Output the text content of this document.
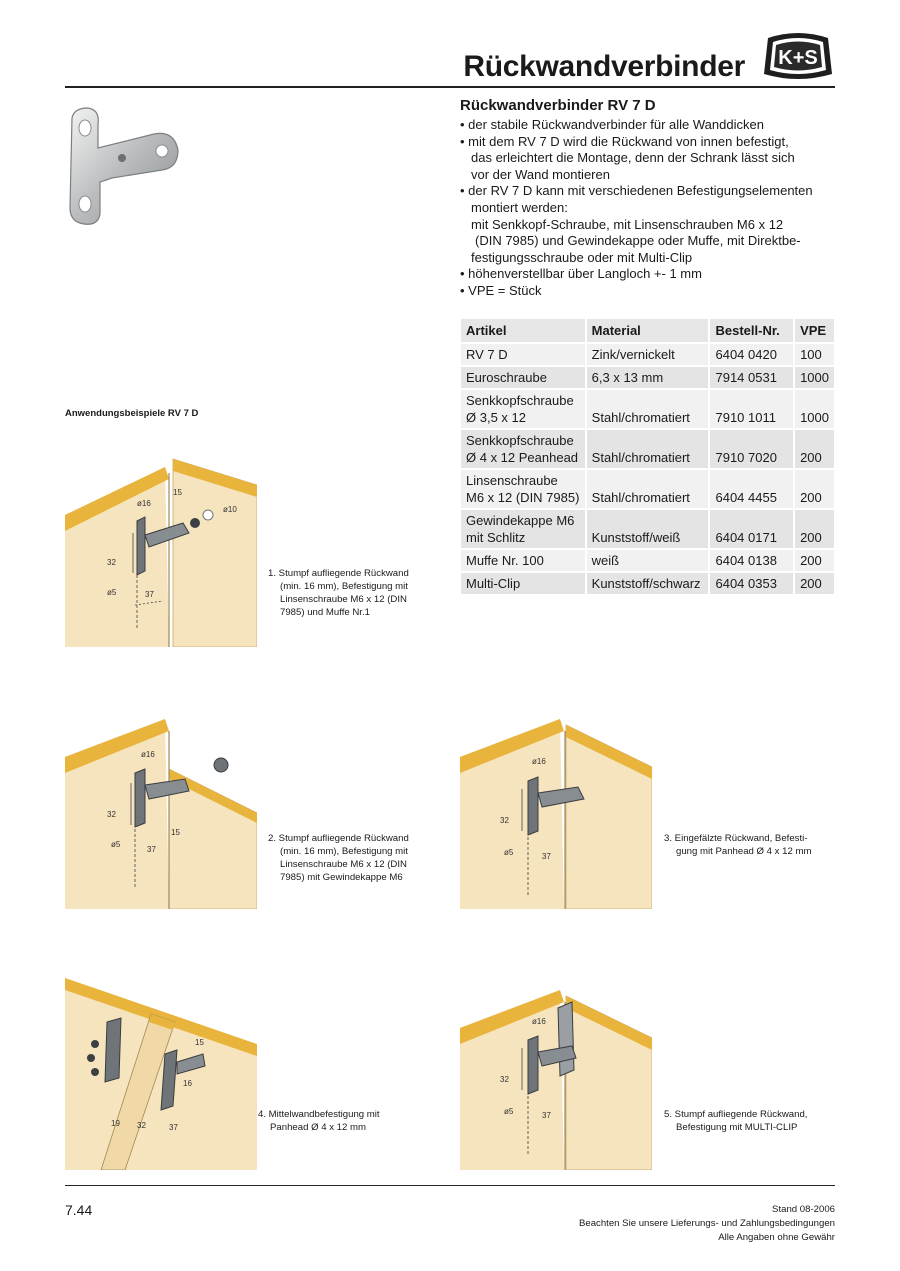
Rückwandverbinder K+S
Rückwandverbinder RV 7 D
• der stabile Rückwandverbinder für alle Wanddicken
• mit dem RV 7 D wird die Rückwand von innen befestigt,
das erleichtert die Montage, denn der Schrank lässt sich
vor der Wand montieren
• der RV 7 D kann mit verschiedenen Befestigungselementen
montiert werden:
mit Senkkopf-Schraube, mit Linsenschrauben M6 x 12
(DIN 7985) und Gewindekappe oder Muffe, mit Direktbe-
festigungsschraube oder mit Multi-Clip
• höhenverstellbar über Langloch +- 1 mm
• VPE = Stück
Artikel	Material	Bestell-Nr.	VPE
RV 7 D	Zink/vernickelt	6404 0420	100
Euroschraube	6,3 x 13 mm	7914 0531	1000
Senkkopfschraube
Ø 3,5 x 12	Stahl/chromatiert	7910 1011	1000
Senkkopfschraube
Ø 4 x 12 Peanhead	Stahl/chromatiert	7910 7020	200
Linsenschraube
M6 x 12 (DIN 7985)	Stahl/chromatiert	6404 4455	200
Gewindekappe M6
mit Schlitz	Kunststoff/weiß	6404 0171	200
Muffe Nr. 100	weiß	6404 0138	200
Multi-Clip	Kunststoff/schwarz	6404 0353	200
Anwendungsbeispiele RV 7 D
ø16
15
ø10
32
ø5	37
1. Stumpf aufliegende Rückwand
(min. 16 mm), Befestigung mit
Linsenschraube M6 x 12 (DIN
7985) und Muffe Nr.1
ø16
32
15
ø5
37
2. Stumpf aufliegende Rückwand
(min. 16 mm), Befestigung mit
Linsenschraube M6 x 12 (DIN
7985) mit Gewindekappe M6
ø16
32
ø5	37
3. Eingefälzte Rückwand, Befesti-
gung mit Panhead Ø 4 x 12 mm
15
16
19 32	37
4. Mittelwandbefestigung mit
Panhead Ø 4 x 12 mm
ø16
32
ø5	37	5. Stumpf aufliegende Rückwand,
Befestigung mit MULTI-CLIP
7.44	Stand 08-2006
Beachten Sie unsere Lieferungs- und Zahlungsbedingungen
Alle Angaben ohne Gewähr
